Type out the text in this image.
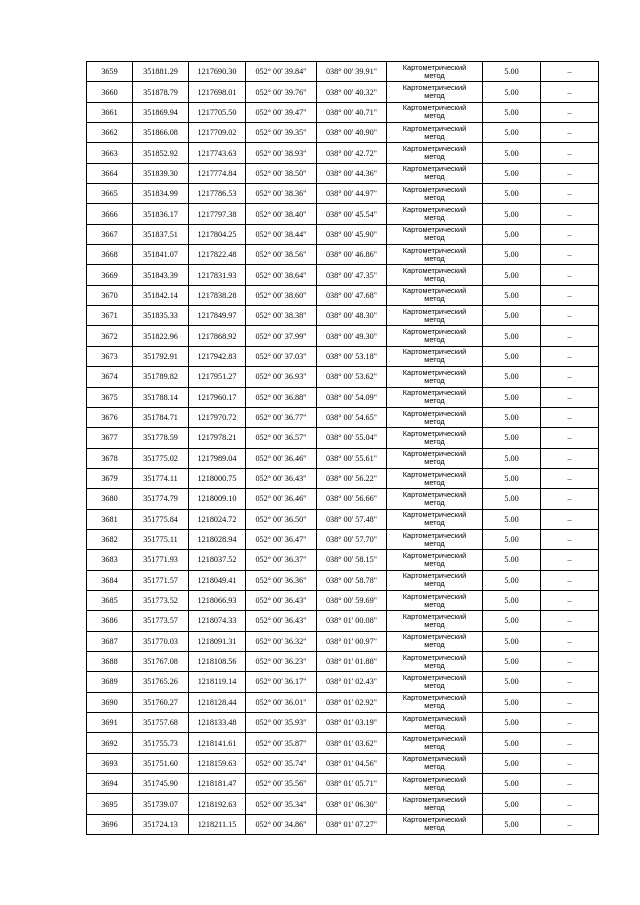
3659	351881.29	1217690.30	052° 00' 39.84"	038° 00' 39.91"	Картометрический
метод	5.00	–
3660	351878.79	1217698.01	052° 00' 39.76"	038° 00' 40.32"	Картометрический
метод	5.00	–
3661	351869.94	1217705.50	052° 00' 39.47"	038° 00' 40.71"	Картометрический
метод	5.00	–
3662	351866.08	1217709.02	052° 00' 39.35"	038° 00' 40.90"	Картометрический
метод	5.00	–
3663	351852.92	1217743.63	052° 00' 38.93"	038° 00' 42.72"	Картометрический
метод	5.00	–
3664	351839.30	1217774.84	052° 00' 38.50"	038° 00' 44.36"	Картометрический
метод	5.00	–
3665	351834.99	1217786.53	052° 00' 38.36"	038° 00' 44.97"	Картометрический
метод	5.00	–
3666	351836.17	1217797.38	052° 00' 38.40"	038° 00' 45.54"	Картометрический
метод	5.00	–
3667	351837.51	1217804.25	052° 00' 38.44"	038° 00' 45.90"	Картометрический
метод	5.00	–
3668	351841.07	1217822.48	052° 00' 38.56"	038° 00' 46.86"	Картометрический
метод	5.00	–
3669	351843.39	1217831.93	052° 00' 38.64"	038° 00' 47.35"	Картометрический
метод	5.00	–
3670	351842.14	1217838.28	052° 00' 38.60"	038° 00' 47.68"	Картометрический
метод	5.00	–
3671	351835.33	1217849.97	052° 00' 38.38"	038° 00' 48.30"	Картометрический
метод	5.00	–
3672	351822.96	1217868.92	052° 00' 37.99"	038° 00' 49.30"	Картометрический
метод	5.00	–
3673	351792.91	1217942.83	052° 00' 37.03"	038° 00' 53.18"	Картометрический
метод	5.00	–
3674	351789.82	1217951.27	052° 00' 36.93"	038° 00' 53.62"	Картометрический
метод	5.00	–
3675	351788.14	1217960.17	052° 00' 36.88"	038° 00' 54.09"	Картометрический
метод	5.00	–
3676	351784.71	1217970.72	052° 00' 36.77"	038° 00' 54.65"	Картометрический
метод	5.00	–
3677	351778.59	1217978.21	052° 00' 36.57"	038° 00' 55.04"	Картометрический
метод	5.00	–
3678	351775.02	1217989.04	052° 00' 36.46"	038° 00' 55.61"	Картометрический
метод	5.00	–
3679	351774.11	1218000.75	052° 00' 36.43"	038° 00' 56.22"	Картометрический
метод	5.00	–
3680	351774.79	1218009.10	052° 00' 36.46"	038° 00' 56.66"	Картометрический
метод	5.00	–
3681	351775.84	1218024.72	052° 00' 36.50"	038° 00' 57.48"	Картометрический
метод	5.00	–
3682	351775.11	1218028.94	052° 00' 36.47"	038° 00' 57.70"	Картометрический
метод	5.00	–
3683	351771.93	1218037.52	052° 00' 36.37"	038° 00' 58.15"	Картометрический
метод	5.00	–
3684	351771.57	1218049.41	052° 00' 36.36"	038° 00' 58.78"	Картометрический
метод	5.00	–
3685	351773.52	1218066.93	052° 00' 36.43"	038° 00' 59.69"	Картометрический
метод	5.00	–
3686	351773.57	1218074.33	052° 00' 36.43"	038° 01' 00.08"	Картометрический
метод	5.00	–
3687	351770.03	1218091.31	052° 00' 36.32"	038° 01' 00.97"	Картометрический
метод	5.00	–
3688	351767.08	1218108.56	052° 00' 36.23"	038° 01' 01.88"	Картометрический
метод	5.00	–
3689	351765.26	1218119.14	052° 00' 36.17"	038° 01' 02.43"	Картометрический
метод	5.00	–
3690	351760.27	1218128.44	052° 00' 36.01"	038° 01' 02.92"	Картометрический
метод	5.00	–
3691	351757.68	1218133.48	052° 00' 35.93"	038° 01' 03.19"	Картометрический
метод	5.00	–
3692	351755.73	1218141.61	052° 00' 35.87"	038° 01' 03.62"	Картометрический
метод	5.00	–
3693	351751.60	1218159.63	052° 00' 35.74"	038° 01' 04.56"	Картометрический
метод	5.00	–
3694	351745.90	1218181.47	052° 00' 35.56"	038° 01' 05.71"	Картометрический
метод	5.00	–
3695	351739.07	1218192.63	052° 00' 35.34"	038° 01' 06.30"	Картометрический
метод	5.00	–
3696	351724.13	1218211.15	052° 00' 34.86"	038° 01' 07.27"	Картометрический
метод	5.00	–
